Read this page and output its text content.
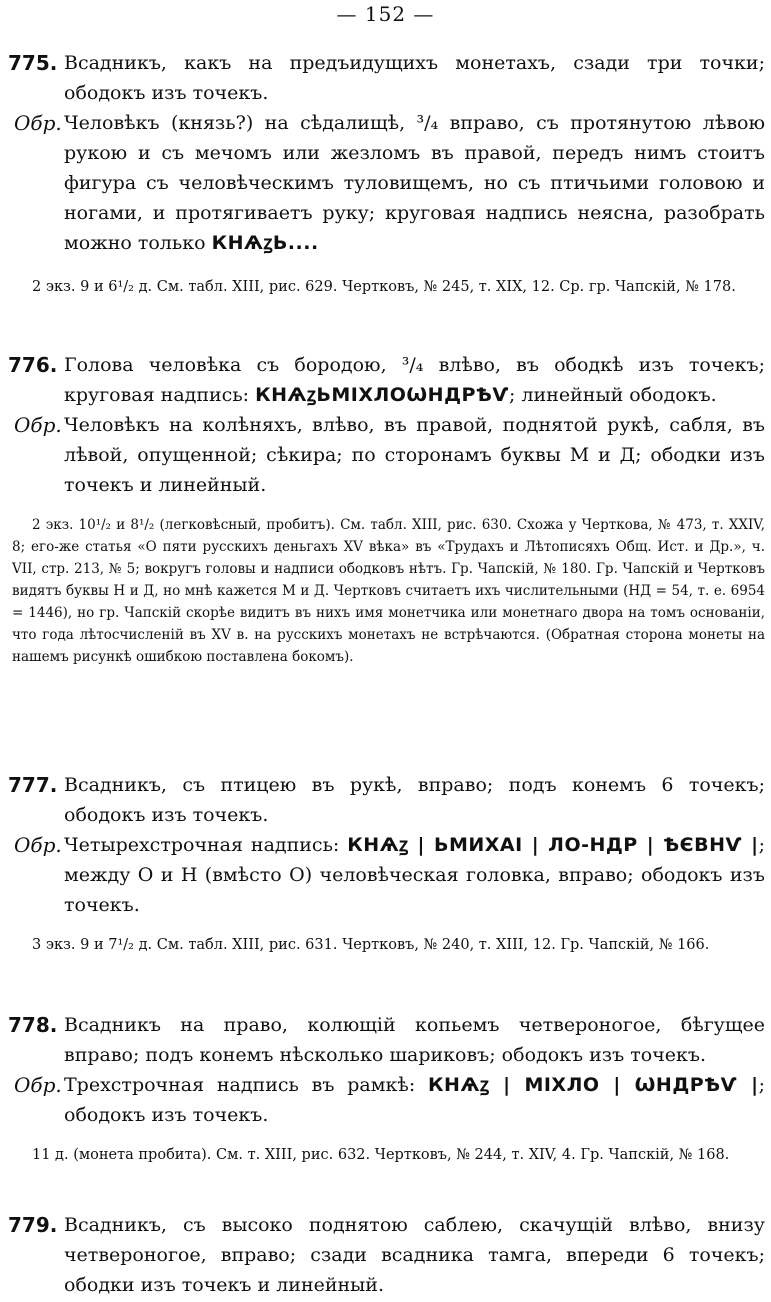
— 152 —

775. Всадникъ, какъ на предъидущихъ монетахъ, сзади три точки; ободокъ изъ точекъ.

Обр. Человѣкъ (князь?) на сѣдалищѣ, ³/₄ вправо, съ протянутою лѣвою рукою и съ мечомъ или жезломъ въ правой, передъ нимъ стоитъ фигура съ человѣческимъ туловищемъ, но съ птичьими головою и ногами, и протягиваетъ руку; круговая надпись неясна, разобрать можно только КНѦꙁЬ....

2 экз. 9 и 6¹/₂ д. См. табл. XIII, рис. 629. Чертковъ, № 245, т. XIX, 12. Ср. гр. Чапскій, № 178.

776. Голова человѣка съ бородою, ³/₄ влѣво, въ ободкѣ изъ точекъ; круговая надпись: КНѦꙁЬМІХЛОѠНДРѢѴ; линейный ободокъ.

Обр. Человѣкъ на колѣняхъ, влѣво, въ правой, поднятой рукѣ, сабля, въ лѣвой, опущенной; сѣкира; по сторонамъ буквы М и Д; ободки изъ точекъ и линейный.

2 экз. 10¹/₂ и 8¹/₂ (легковѣсный, пробитъ). См. табл. XIII, рис. 630. Схожа у Черткова, № 473, т. XXIV, 8; его-же статья «О пяти русскихъ деньгахъ XV вѣка» въ «Трудахъ и Лѣтописяхъ Общ. Ист. и Др.», ч. VII, стр. 213, № 5; вокругъ головы и надписи ободковъ нѣтъ. Гр. Чапскій, № 180. Гр. Чапскій и Чертковъ видятъ буквы Н и Д, но мнѣ кажется М и Д. Чертковъ считаетъ ихъ числительными (НД = 54, т. е. 6954 = 1446), но гр. Чапскій скорѣе видитъ въ нихъ имя монетчика или монетнаго двора на томъ основаніи, что года лѣтосчисленій въ XV в. на русскихъ монетахъ не встрѣчаются. (Обратная сторона монеты на нашемъ рисункѣ ошибкою поставлена бокомъ).

777. Всадникъ, съ птицею въ рукѣ, вправо; подъ конемъ 6 точекъ; ободокъ изъ точекъ.

Обр. Четырехстрочная надпись: КНѦꙁ | ЬМИХАІ | ЛО-НДР | ѢЄВНѴ |; между О и Н (вмѣсто О) человѣческая головка, вправо; ободокъ изъ точекъ.

3 экз. 9 и 7¹/₂ д. См. табл. XIII, рис. 631. Чертковъ, № 240, т. XIII, 12. Гр. Чапскій, № 166.

778. Всадникъ на право, колющій копьемъ четвероногое, бѣгущее вправо; подъ конемъ нѣсколько шариковъ; ободокъ изъ точекъ.

Обр. Трехстрочная надпись въ рамкѣ: КНѦꙁ | МІХЛО | ѠНДРѢѴ |; ободокъ изъ точекъ.

11 д. (монета пробита). См. т. XIII, рис. 632. Чертковъ, № 244, т. XIV, 4. Гр. Чапскій, № 168.

779. Всадникъ, съ высоко поднятою саблею, скачущій влѣво, внизу четвероногое, вправо; сзади всадника тамга, впереди 6 точекъ; ободки изъ точекъ и линейный.
